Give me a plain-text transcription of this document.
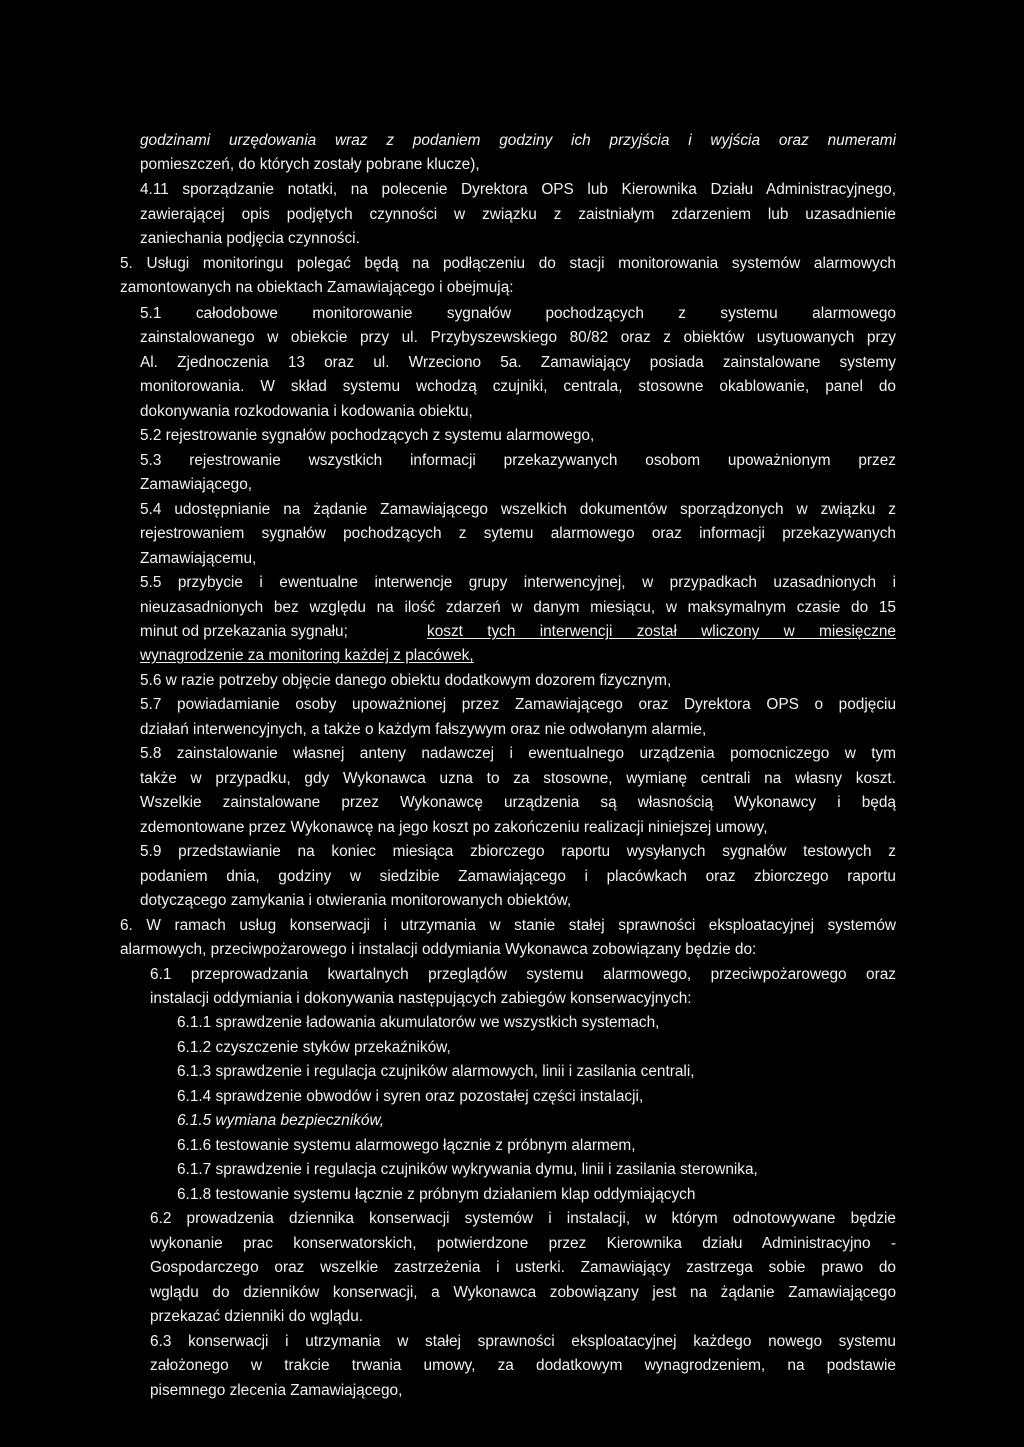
godzinami urzędowania wraz z podaniem godziny ich przyjścia i wyjścia oraz numerami
pomieszczeń, do których zostały pobrane klucze),
4.11 sporządzanie notatki, na polecenie Dyrektora OPS lub Kierownika Działu Administracyjnego,
zawierającej opis podjętych czynności w związku z zaistniałym zdarzeniem lub uzasadnienie
zaniechania podjęcia czynności.
5. Usługi monitoringu polegać będą na podłączeniu do stacji monitorowania systemów alarmowych
zamontowanych na obiektach Zamawiającego i obejmują:
5.1 całodobowe monitorowanie sygnałów pochodzących z systemu alarmowego
zainstalowanego w obiekcie przy ul. Przybyszewskiego 80/82 oraz z obiektów usytuowanych przy
Al. Zjednoczenia 13 oraz ul. Wrzeciono 5a. Zamawiający posiada zainstalowane systemy
monitorowania. W skład systemu wchodzą czujniki, centrala, stosowne okablowanie, panel do
dokonywania rozkodowania i kodowania obiektu,
5.2 rejestrowanie sygnałów pochodzących z systemu alarmowego,
5.3 rejestrowanie wszystkich informacji przekazywanych osobom upoważnionym przez
Zamawiającego,
5.4 udostępnianie na żądanie Zamawiającego wszelkich dokumentów sporządzonych w związku z
rejestrowaniem sygnałów pochodzących z sytemu alarmowego oraz informacji przekazywanych
Zamawiającemu,
5.5 przybycie i ewentualne interwencje grupy interwencyjnej, w przypadkach uzasadnionych i
nieuzasadnionych bez względu na ilość zdarzeń w danym miesiącu, w maksymalnym czasie do 15
minut od przekazania sygnału;	koszt tych interwencji został wliczony w miesięczne
wynagrodzenie za monitoring każdej z placówek,
5.6 w razie potrzeby objęcie danego obiektu dodatkowym dozorem fizycznym,
5.7 powiadamianie osoby upoważnionej przez Zamawiającego oraz Dyrektora OPS o podjęciu
działań interwencyjnych, a także o każdym fałszywym oraz nie odwołanym alarmie,
5.8 zainstalowanie własnej anteny nadawczej i ewentualnego urządzenia pomocniczego w tym
także w przypadku, gdy Wykonawca uzna to za stosowne, wymianę centrali na własny koszt.
Wszelkie zainstalowane przez Wykonawcę urządzenia są własnością Wykonawcy i będą
zdemontowane przez Wykonawcę na jego koszt po zakończeniu realizacji niniejszej umowy,
5.9 przedstawianie na koniec miesiąca zbiorczego raportu wysyłanych sygnałów testowych z
podaniem dnia, godziny w siedzibie Zamawiającego i placówkach oraz zbiorczego raportu
dotyczącego zamykania i otwierania monitorowanych obiektów,
6. W ramach usług konserwacji i utrzymania w stanie stałej sprawności eksploatacyjnej systemów
alarmowych, przeciwpożarowego i instalacji oddymiania Wykonawca zobowiązany będzie do:
6.1 przeprowadzania kwartalnych przeglądów systemu alarmowego, przeciwpożarowego oraz
instalacji oddymiania i dokonywania następujących zabiegów konserwacyjnych:
6.1.1 sprawdzenie ładowania akumulatorów we wszystkich systemach,
6.1.2 czyszczenie styków przekaźników,
6.1.3 sprawdzenie i regulacja czujników alarmowych, linii i zasilania centrali,
6.1.4 sprawdzenie obwodów i syren oraz pozostałej części instalacji,
6.1.5 wymiana bezpieczników,
6.1.6 testowanie systemu alarmowego łącznie z próbnym alarmem,
6.1.7 sprawdzenie i regulacja czujników wykrywania dymu, linii i zasilania sterownika,
6.1.8 testowanie systemu łącznie z próbnym działaniem klap oddymiających
6.2 prowadzenia dziennika konserwacji systemów i instalacji, w którym odnotowywane będzie
wykonanie prac konserwatorskich, potwierdzone przez Kierownika działu Administracyjno -
Gospodarczego oraz wszelkie zastrzeżenia i usterki. Zamawiający zastrzega sobie prawo do
wglądu do dzienników konserwacji, a Wykonawca zobowiązany jest na żądanie Zamawiającego
przekazać dzienniki do wglądu.
6.3 konserwacji i utrzymania w stałej sprawności eksploatacyjnej każdego nowego systemu
założonego w trakcie trwania umowy, za dodatkowym wynagrodzeniem, na podstawie
pisemnego zlecenia Zamawiającego,
